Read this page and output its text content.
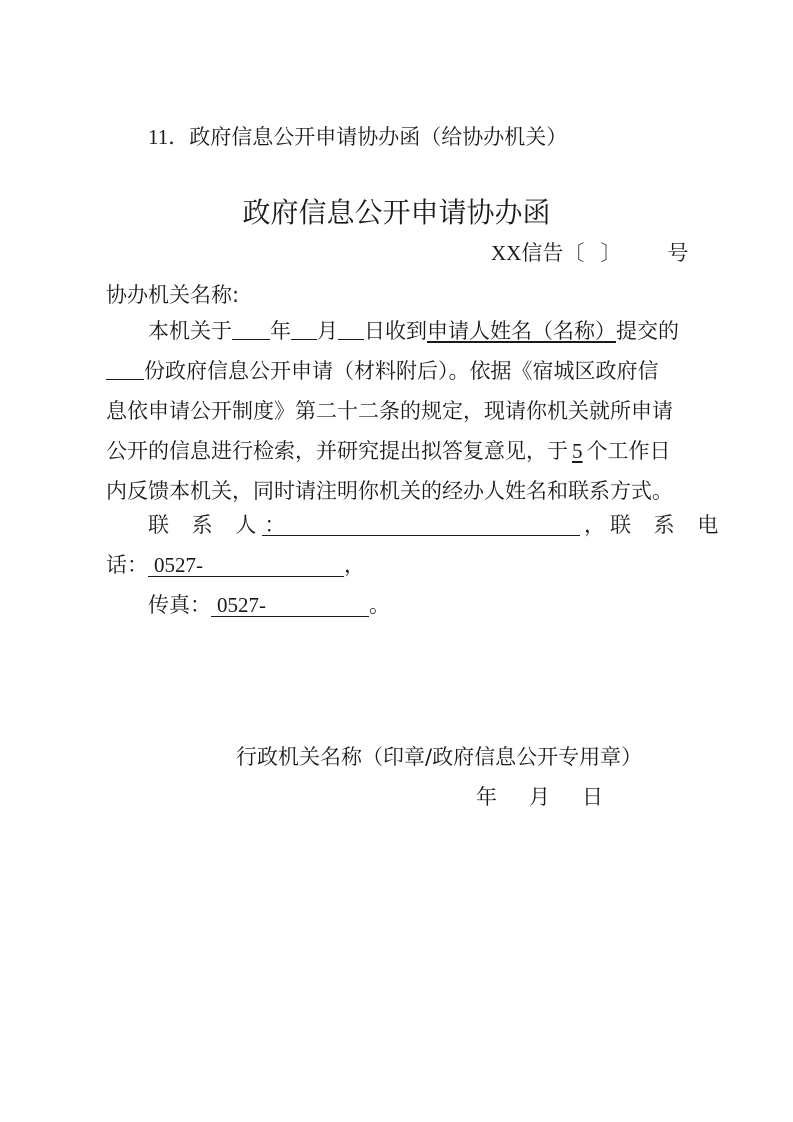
11．政府信息公开申请协办函（给协办机关）
政府信息公开申请协办函
XX信告〔 〕 号
协办机关名称:
本机关于 年 月 日收到申请人姓名（名称）提交的
份政府信息公开申请（材料附后）。依据《宿城区政府信
息依申请公开制度》第二十二条的规定，现请你机关就所申请
公开的信息进行检索，并研究提出拟答复意见，于 5 个工作日
内反馈本机关，同时请注明你机关的经办人姓名和联系方式。
联 系 人：	， 联 系 电
话： 0527-	，
传真： 0527-	。
行政机关名称（印章/政府信息公开专用章）
年 月 日
